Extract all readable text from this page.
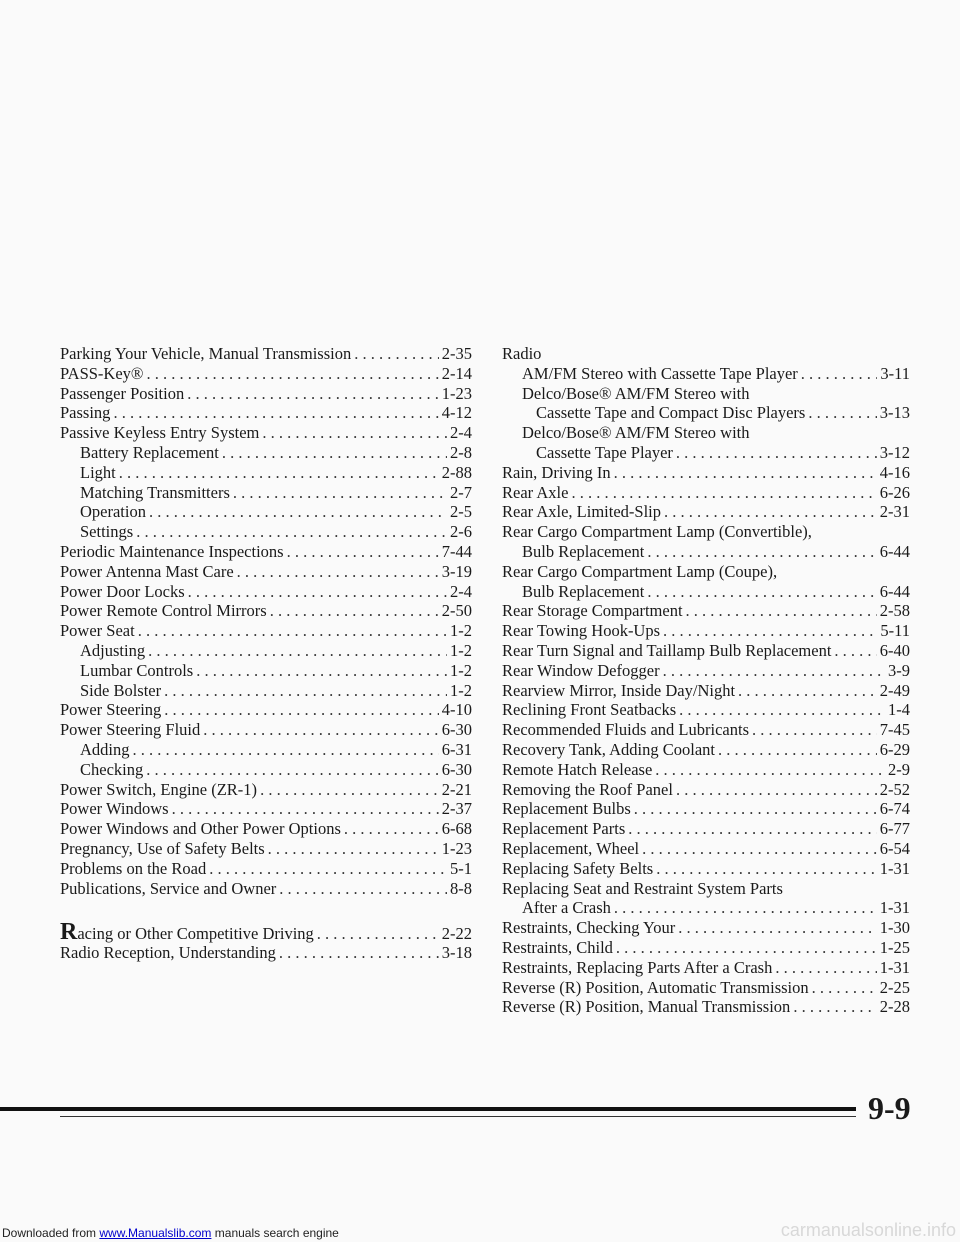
Parking Your Vehicle, Manual Transmission . . .	2-35
PASS-Key® . . .	2-14
Passenger Position . . .	1-23
Passing . . .	4-12
Passive Keyless Entry System . . .	2-4
Battery Replacement . . .	2-8
Light . . .	2-88
Matching Transmitters . . .	2-7
Operation . . .	2-5
Settings . . .	2-6
Periodic Maintenance Inspections . . .	7-44
Power Antenna Mast Care . . .	3-19
Power Door Locks . . .	2-4
Power Remote Control Mirrors . . .	2-50
Power Seat . . .	1-2
Adjusting . . .	1-2
Lumbar Controls . . .	1-2
Side Bolster . . .	1-2
Power Steering . . .	4-10
Power Steering Fluid . . .	6-30
Adding . . .	6-31
Checking . . .	6-30
Power Switch, Engine (ZR-1) . . .	2-21
Power Windows . . .	2-37
Power Windows and Other Power Options . . .	6-68
Pregnancy, Use of Safety Belts . . .	1-23
Problems on the Road . . .	5-1
Publications, Service and Owner . . .	8-8
Racing or Other Competitive Driving . . .	2-22
Radio Reception, Understanding . . .	3-18
Radio
AM/FM Stereo with Cassette Tape Player . . .	3-11
Delco/Bose® AM/FM Stereo with
Cassette Tape and Compact Disc Players . . .	3-13
Delco/Bose® AM/FM Stereo with
Cassette Tape Player . . .	3-12
Rain, Driving In . . .	4-16
Rear Axle . . .	6-26
Rear Axle, Limited-Slip . . .	2-31
Rear Cargo Compartment Lamp (Convertible),
Bulb Replacement . . .	6-44
Rear Cargo Compartment Lamp (Coupe),
Bulb Replacement . . .	6-44
Rear Storage Compartment . . .	2-58
Rear Towing Hook-Ups . . .	5-11
Rear Turn Signal and Taillamp Bulb Replacement . . .	6-40
Rear Window Defogger . . .	3-9
Rearview Mirror, Inside Day/Night . . .	2-49
Reclining Front Seatbacks . . .	1-4
Recommended Fluids and Lubricants . . .	7-45
Recovery Tank, Adding Coolant . . .	6-29
Remote Hatch Release . . .	2-9
Removing the Roof Panel . . .	2-52
Replacement Bulbs . . .	6-74
Replacement Parts . . .	6-77
Replacement, Wheel . . .	6-54
Replacing Safety Belts . . .	1-31
Replacing Seat and Restraint System Parts
After a Crash . . .	1-31
Restraints, Checking Your . . .	1-30
Restraints, Child . . .	1-25
Restraints, Replacing Parts After a Crash . . .	1-31
Reverse (R) Position, Automatic Transmission . . .	2-25
Reverse (R) Position, Manual Transmission . . .	2-28
9-9
Downloaded from www.Manualslib.com manuals search engine	carmanualsonline.info
